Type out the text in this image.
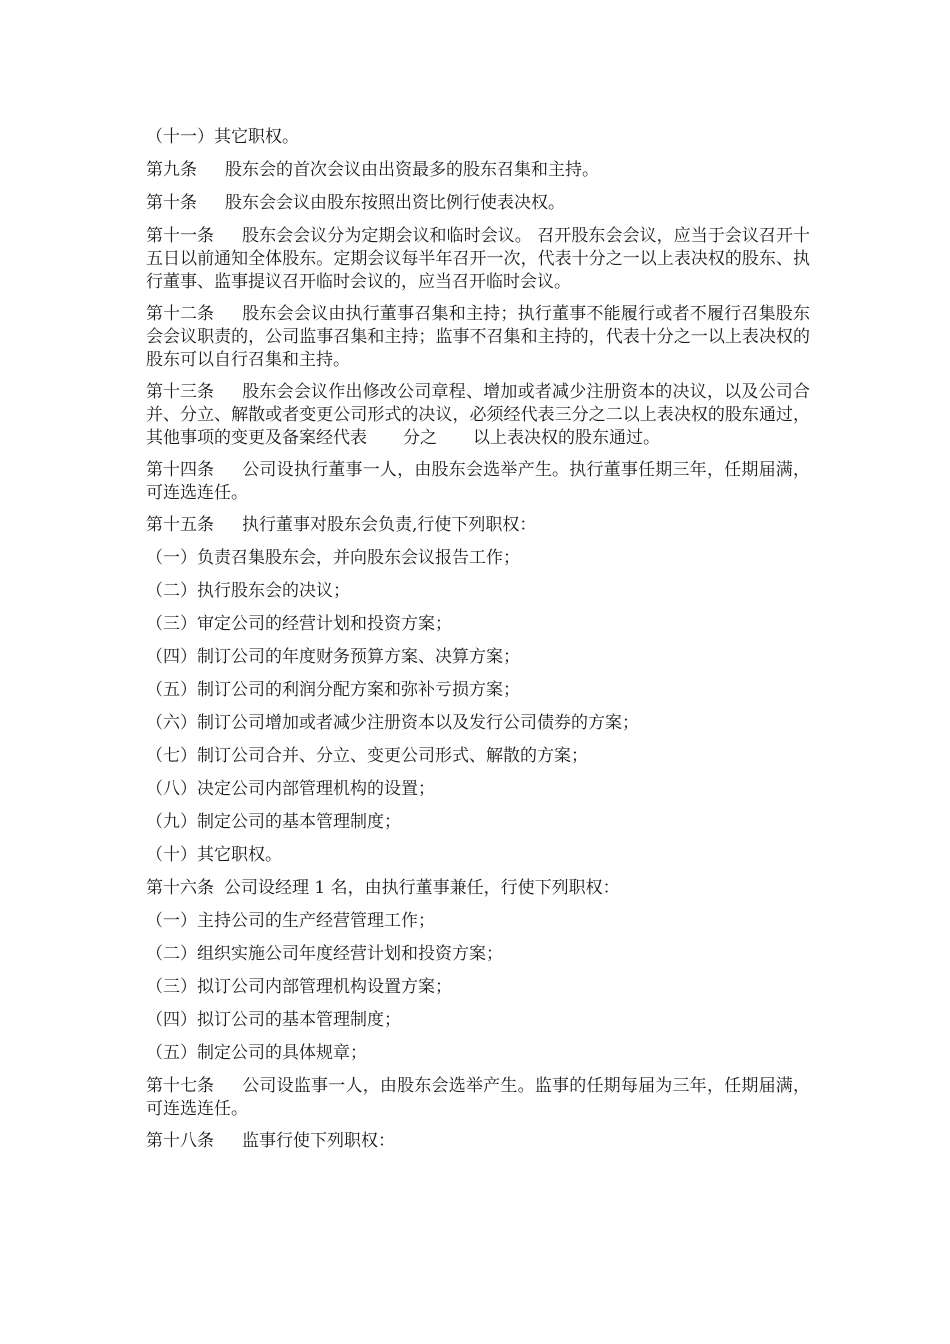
（十一）其它职权。
第九条 股东会的首次会议由出资最多的股东召集和主持。
第十条 股东会会议由股东按照出资比例行使表决权。
第十一条 股东会会议分为定期会议和临时会议。 召开股东会会议，应当于会议召开十五日以前通知全体股东。定期会议每半年召开一次，代表十分之一以上表决权的股东、执行董事、监事提议召开临时会议的，应当召开临时会议。
第十二条 股东会会议由执行董事召集和主持；执行董事不能履行或者不履行召集股东会会议职责的，公司监事召集和主持；监事不召集和主持的，代表十分之一以上表决权的股东可以自行召集和主持。
第十三条 股东会会议作出修改公司章程、增加或者减少注册资本的决议，以及公司合并、分立、解散或者变更公司形式的决议，必须经代表三分之二以上表决权的股东通过，其他事项的变更及备案经代表 分之 以上表决权的股东通过。
第十四条 公司设执行董事一人，由股东会选举产生。执行董事任期三年，任期届满，可连选连任。
第十五条 执行董事对股东会负责,行使下列职权：
（一）负责召集股东会，并向股东会议报告工作；
（二）执行股东会的决议；
（三）审定公司的经营计划和投资方案；
（四）制订公司的年度财务预算方案、决算方案；
（五）制订公司的利润分配方案和弥补亏损方案；
（六）制订公司增加或者减少注册资本以及发行公司债券的方案；
（七）制订公司合并、分立、变更公司形式、解散的方案；
（八）决定公司内部管理机构的设置；
（九）制定公司的基本管理制度；
（十）其它职权。
第十六条 公司设经理 1 名，由执行董事兼任，行使下列职权：
（一）主持公司的生产经营管理工作；
（二）组织实施公司年度经营计划和投资方案；
（三）拟订公司内部管理机构设置方案；
（四）拟订公司的基本管理制度；
（五）制定公司的具体规章；
第十七条 公司设监事一人，由股东会选举产生。监事的任期每届为三年，任期届满，可连选连任。
第十八条 监事行使下列职权：
